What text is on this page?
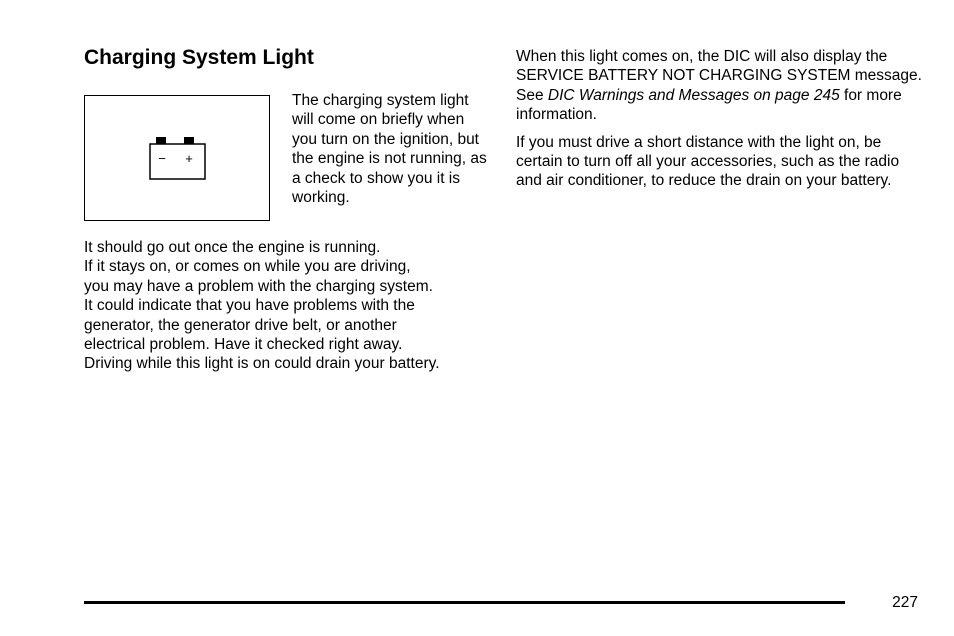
Charging System Light
− +

The charging system light will come on briefly when you turn on the ignition, but the engine is not running, as a check to show you it is working.

It should go out once the engine is running.
If it stays on, or comes on while you are driving,
you may have a problem with the charging system.
It could indicate that you have problems with the
generator, the generator drive belt, or another
electrical problem. Have it checked right away.
Driving while this light is on could drain your battery.

When this light comes on, the DIC will also display the SERVICE BATTERY NOT CHARGING SYSTEM message. See DIC Warnings and Messages on page 245 for more information.

If you must drive a short distance with the light on, be certain to turn off all your accessories, such as the radio and air conditioner, to reduce the drain on your battery.

227
